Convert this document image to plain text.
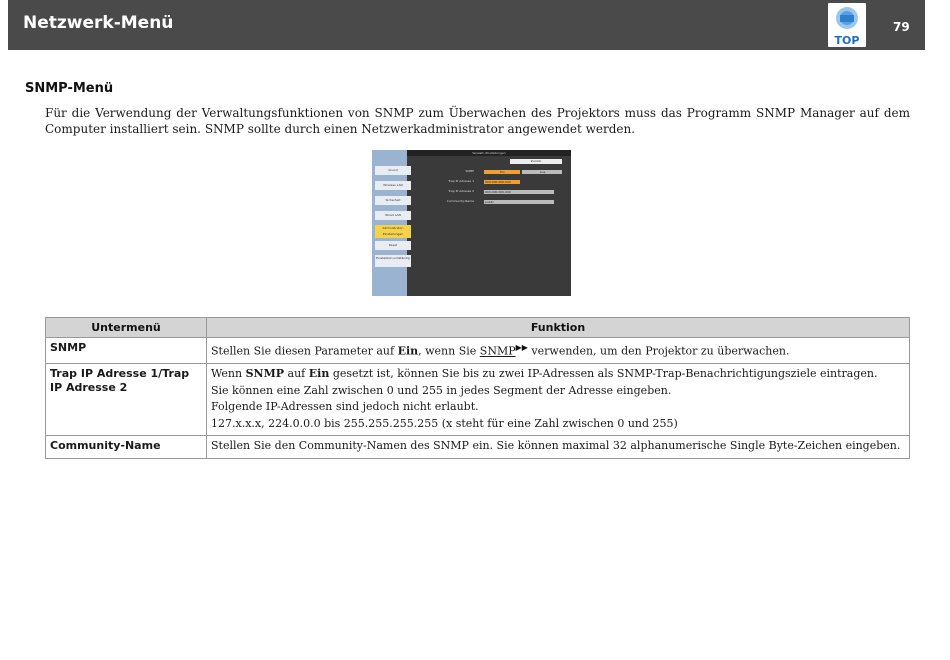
Netzwerk-Menü
TOP
79
SNMP-Menü
Für die Verwendung der Verwaltungsfunktionen von SNMP zum Überwachen des Projektors muss das Programm SNMP Manager auf dem Computer installiert sein. SNMP sollte durch einen Netzwerkadministrator angewendet werden.
Grund
Wireless LAN
Sicherheit
Wired LAN
Administrator-Einstellungen
Reset
Einstellkon-vollständig
Verwalt.-Einstellungen
Zurück
SNMP	Ein	Aus
Trap IP Adresse 1	000.000.000.000
Trap IP Adresse 2	000.000.000.000
Community-Name	public
Untermenü	Funktion
SNMP	Stellen Sie diesen Parameter auf Ein, wenn Sie SNMP▶▶ verwenden, um den Projektor zu überwachen.
Trap IP Adresse 1/Trap IP Adresse 2	Wenn SNMP auf Ein gesetzt ist, können Sie bis zu zwei IP-Adressen als SNMP-Trap-Benachrichtigungsziele eintragen.
Sie können eine Zahl zwischen 0 und 255 in jedes Segment der Adresse eingeben.
Folgende IP-Adressen sind jedoch nicht erlaubt.
127.x.x.x, 224.0.0.0 bis 255.255.255.255 (x steht für eine Zahl zwischen 0 und 255)

Community-Name	Stellen Sie den Community-Namen des SNMP ein. Sie können maximal 32 alphanumerische Single Byte-Zeichen eingeben.
